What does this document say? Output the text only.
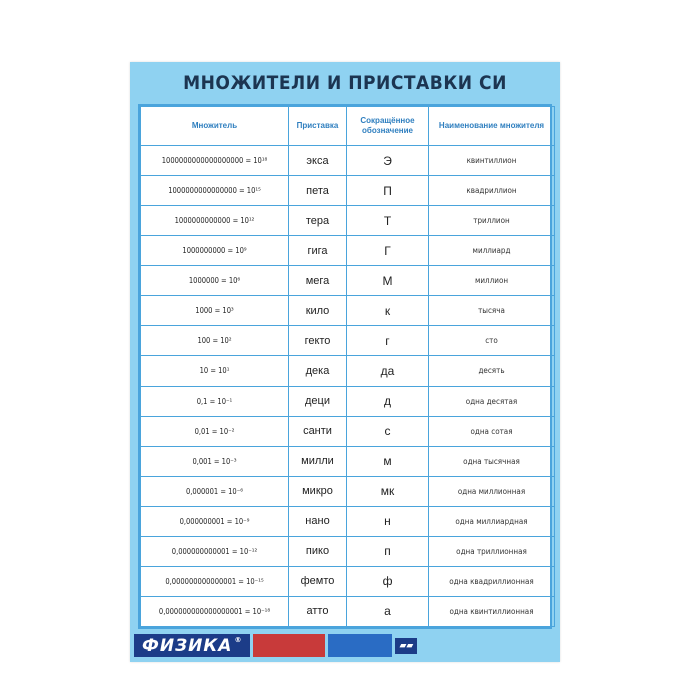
МНОЖИТЕЛИ И ПРИСТАВКИ СИ
Множитель	Приставка	Сокращённое обозначение	Наименование множителя
1000000000000000000 = 10¹⁸	экса	Э	квинтиллион
1000000000000000 = 10¹⁵	пета	П	квадриллион
1000000000000 = 10¹²	тера	Т	триллион
1000000000 = 10⁹	гига	Г	миллиард
1000000 = 10⁶	мега	М	миллион
1000 = 10³	кило	к	тысяча
100 = 10²	гекто	г	сто
10 = 10¹	дека	да	десять
0,1 = 10⁻¹	деци	д	одна десятая
0,01 = 10⁻²	санти	с	одна сотая
0,001 = 10⁻³	милли	м	одна тысячная
0,000001 = 10⁻⁶	микро	мк	одна миллионная
0,000000001 = 10⁻⁹	нано	н	одна миллиардная
0,000000000001 = 10⁻¹²	пико	п	одна триллионная
0,000000000000001 = 10⁻¹⁵	фемто	ф	одна квадриллионная
0,000000000000000001 = 10⁻¹⁸	атто	а	одна квинтиллионная
ФИЗИКА ®
▰▰
